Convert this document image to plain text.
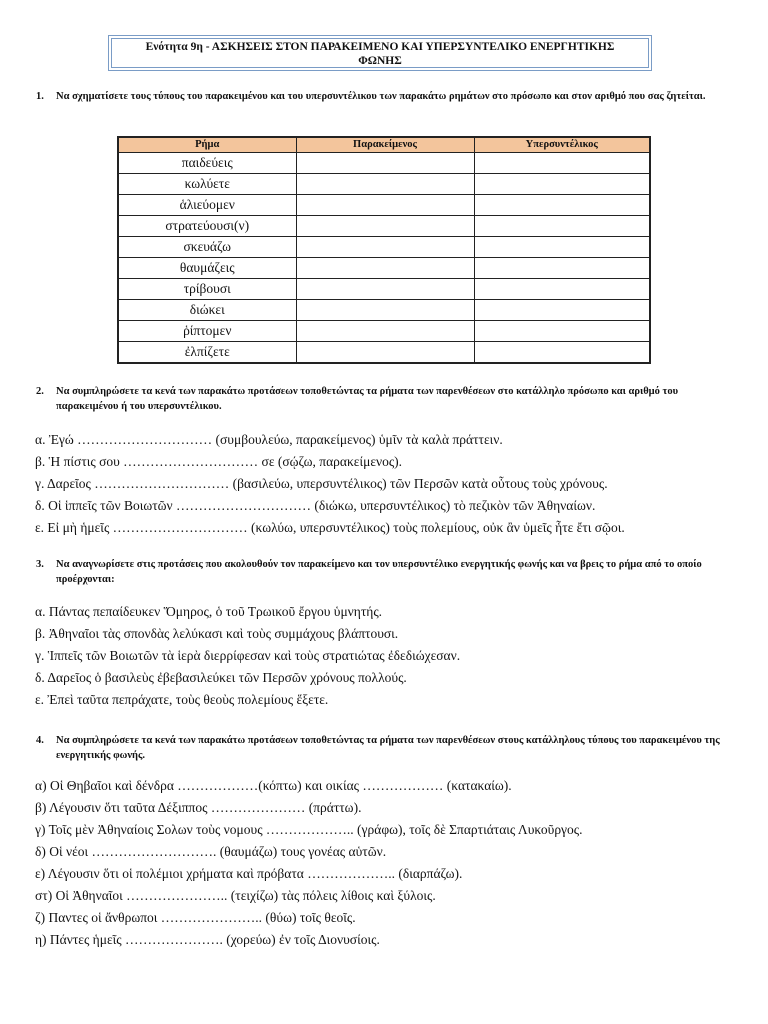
Ενότητα 9η - ΑΣΚΗΣΕΙΣ ΣΤΟΝ ΠΑΡΑΚΕΙΜΕΝΟ ΚΑΙ ΥΠΕΡΣΥΝΤΕΛΙΚΟ ΕΝΕΡΓΗΤΙΚΗΣ
ΦΩΝΗΣ
1. Να σχηματίσετε τους τύπους του παρακειμένου και του υπερσυντέλικου των παρακάτω ρημάτων στο πρόσωπο και στον αριθμό που σας ζητείται.
Ρήμα	Παρακείμενος	Υπερσυντέλικος
παιδεύεις		
κωλύετε		
ἁλιεύομεν		
στρατεύουσι(ν)		
σκευάζω		
θαυμάζεις		
τρίβουσι		
διώκει		
ῥίπτομεν		
ἐλπίζετε		
2. Να συμπληρώσετε τα κενά των παρακάτω προτάσεων τοποθετώντας τα ρήματα των παρενθέσεων στο κατάλληλο πρόσωπο και αριθμό του παρακειμένου ή του υπερσυντέλικου.
α. Ἐγώ ………………………… (συμβουλεύω, παρακείμενος) ὑμῖν τὰ καλὰ πράττειν.
β. Ἡ πίστις σου ………………………… σε (σῴζω, παρακείμενος).
γ. Δαρεῖος ………………………… (βασιλεύω, υπερσυντέλικος) τῶν Περσῶν κατὰ οὗτους τοὺς χρόνους.
δ. Οἱ ἱππεῖς τῶν Βοιωτῶν ………………………… (διώκω, υπερσυντέλικος) τὸ πεζικὸν τῶν Ἀθηναίων.
ε. Εἰ μὴ ἡμεῖς ………………………… (κωλύω, υπερσυντέλικος) τοὺς πολεμίους, οὐκ ἂν ὑμεῖς ἦτε ἔτι σῷοι.
3. Να αναγνωρίσετε στις προτάσεις που ακολουθούν τον παρακείμενο και τον υπερσυντέλικο ενεργητικής φωνής και να βρεις το ρήμα από το οποίο προέρχονται:
α. Πάντας πεπαίδευκεν Ὅμηρος, ὁ τοῦ Τρωικοῦ ἔργου ὑμνητής.
β. Ἀθηναῖοι τὰς σπονδὰς λελύκασι καὶ τοὺς συμμάχους βλάπτουσι.
γ. Ἱππεῖς τῶν Βοιωτῶν τὰ ἱερὰ διερρίφεσαν καὶ τοὺς στρατιώτας ἐδεδιώχεσαν.
δ. Δαρεῖος ὁ βασιλεὺς ἐβεβασιλεύκει τῶν Περσῶν χρόνους πολλούς.
ε. Ἐπεὶ ταῦτα πεπράχατε, τοὺς θεοὺς πολεμίους ἕξετε.
4. Να συμπληρώσετε τα κενά των παρακάτω προτάσεων τοποθετώντας τα ρήματα των παρενθέσεων στους κατάλληλους τύπους του παρακειμένου της ενεργητικής φωνής.
α) Οἱ Θηβαῖοι καὶ δένδρα ………………(κόπτω) και οικίας ……………… (κατακαίω).
β) Λέγουσιν ὅτι ταῦτα Δέξιππος ………………… (πράττω).
γ) Τοῖς μὲν Ἀθηναίοις Σολων τοὺς νομους ……………….. (γράφω), τοῖς δὲ Σπαρτιάταις Λυκοῦργος.
δ) Οἱ νέοι ………………………. (θαυμάζω) τους γονέας αὑτῶν.
ε) Λέγουσιν ὅτι οἱ πολέμιοι χρήματα καὶ πρόβατα ……………….. (διαρπάζω).
στ) Οἱ Ἀθηναῖοι ………………….. (τειχίζω) τὰς πόλεις λίθοις καὶ ξύλοις.
ζ) Παντες οἱ ἄνθρωποι ………………….. (θύω) τοῖς θεοῖς.
η) Πάντες ἡμεῖς …………………. (χορεύω) ἐν τοῖς Διονυσίοις.
